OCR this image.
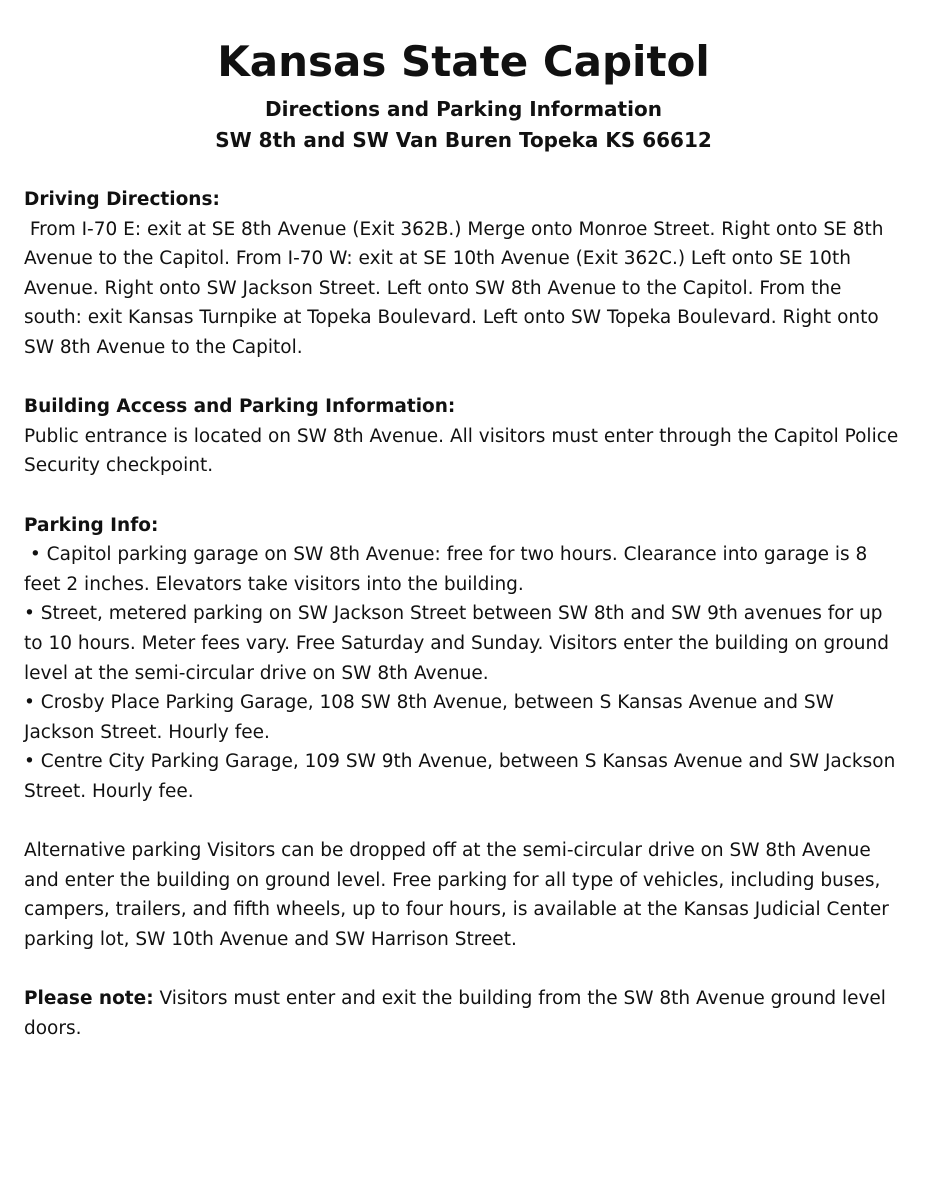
Kansas State Capitol
Directions and Parking Information
SW 8th and SW Van Buren Topeka KS 66612
Driving Directions:
From I-70 E: exit at SE 8th Avenue (Exit 362B.) Merge onto Monroe Street. Right onto SE 8th Avenue to the Capitol. From I-70 W: exit at SE 10th Avenue (Exit 362C.) Left onto SE 10th Avenue. Right onto SW Jackson Street. Left onto SW 8th Avenue to the Capitol. From the south: exit Kansas Turnpike at Topeka Boulevard. Left onto SW Topeka Boulevard. Right onto SW 8th Avenue to the Capitol.
Building Access and Parking Information:
Public entrance is located on SW 8th Avenue. All visitors must enter through the Capitol Police Security checkpoint.
Parking Info:
• Capitol parking garage on SW 8th Avenue: free for two hours. Clearance into garage is 8 feet 2 inches. Elevators take visitors into the building.
• Street, metered parking on SW Jackson Street between SW 8th and SW 9th avenues for up to 10 hours. Meter fees vary. Free Saturday and Sunday. Visitors enter the building on ground level at the semi-circular drive on SW 8th Avenue.
• Crosby Place Parking Garage, 108 SW 8th Avenue, between S Kansas Avenue and SW Jackson Street. Hourly fee.
• Centre City Parking Garage, 109 SW 9th Avenue, between S Kansas Avenue and SW Jackson Street. Hourly fee.
Alternative parking Visitors can be dropped off at the semi-circular drive on SW 8th Avenue and enter the building on ground level. Free parking for all type of vehicles, including buses, campers, trailers, and fifth wheels, up to four hours, is available at the Kansas Judicial Center parking lot, SW 10th Avenue and SW Harrison Street.
Please note: Visitors must enter and exit the building from the SW 8th Avenue ground level doors.
